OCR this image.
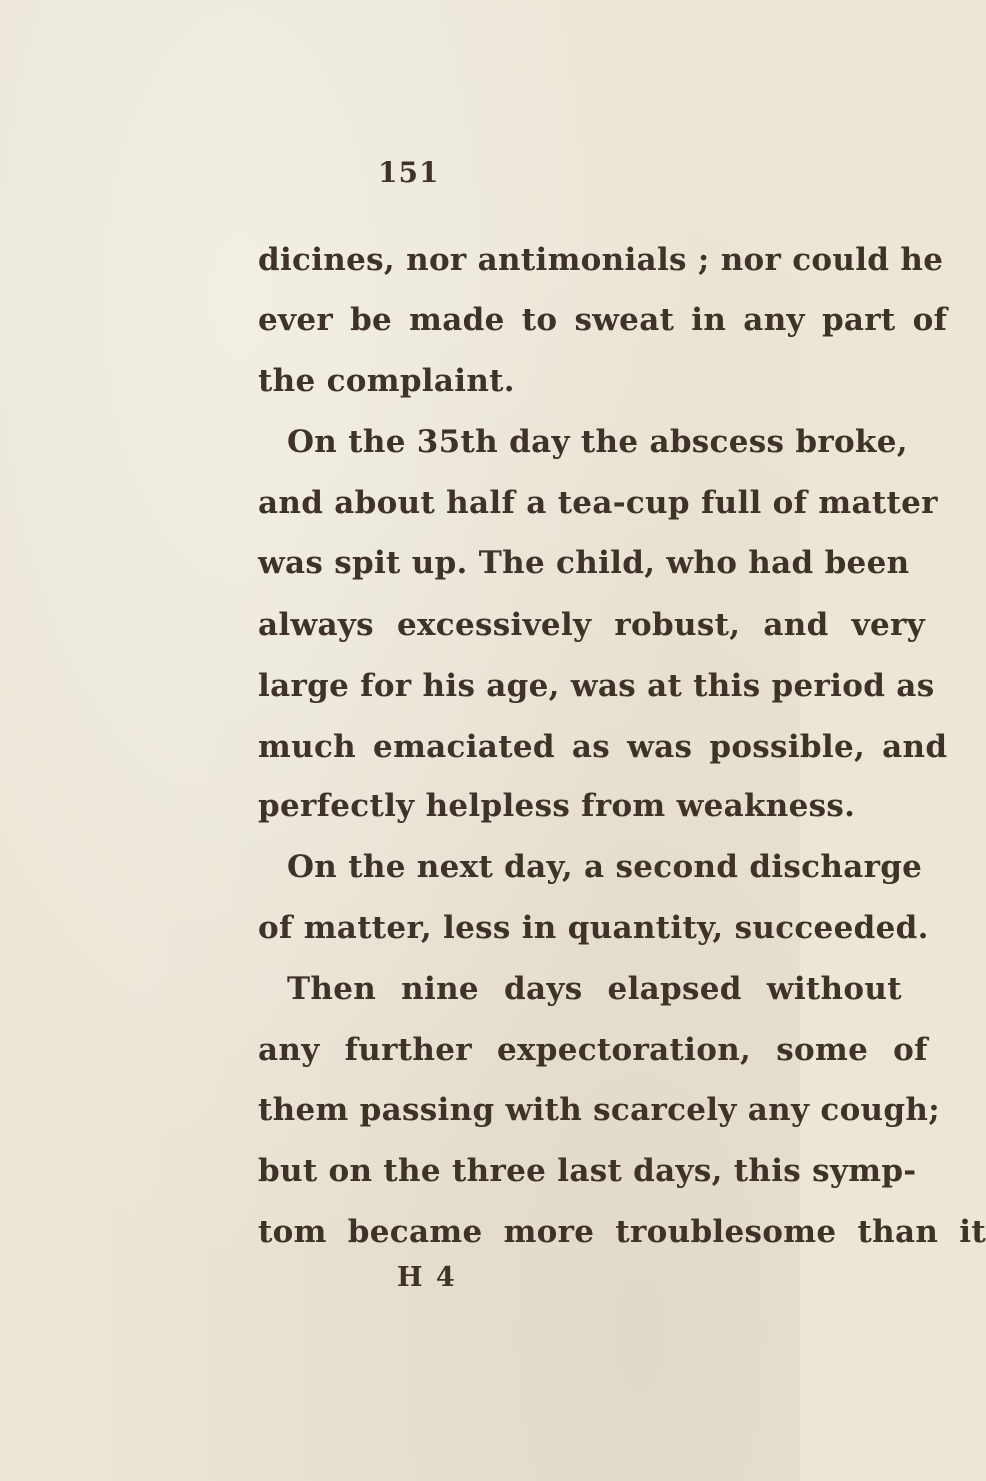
151
dicines, nor antimonials ; nor could he
ever be made to sweat in any part of
the complaint.
On the 35th day the abscess broke,
and about half a tea-cup full of matter
was spit up. The child, who had been
always excessively robust, and very
large for his age, was at this period as
much emaciated as was possible, and
perfectly helpless from weakness.
On the next day, a second discharge
of matter, less in quantity, succeeded.
Then nine days elapsed without
any further expectoration, some of
them passing with scarcely any cough;
but on the three last days, this symp-
tom became more troublesome than it
H 4
